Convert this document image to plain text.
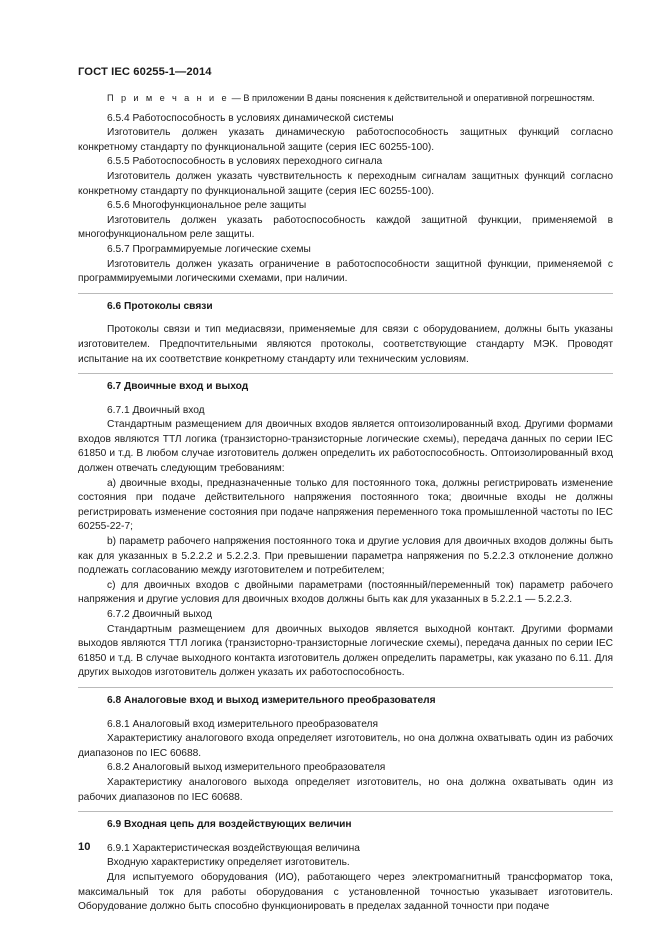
ГОСТ IEC 60255-1—2014

П р и м е ч а н и е — В приложении В даны пояснения к действительной и оперативной погрешностям.

6.5.4 Работоспособность в условиях динамической системы

Изготовитель должен указать динамическую работоспособность защитных функций согласно конкретному стандарту по функциональной защите (серия IEC 60255-100).

6.5.5 Работоспособность в условиях переходного сигнала

Изготовитель должен указать чувствительность к переходным сигналам защитных функций согласно конкретному стандарту по функциональной защите (серия IEC 60255-100).

6.5.6 Многофункциональное реле защиты

Изготовитель должен указать работоспособность каждой защитной функции, применяемой в многофункциональном реле защиты.

6.5.7 Программируемые логические схемы

Изготовитель должен указать ограничение в работоспособности защитной функции, применяемой с программируемыми логическими схемами, при наличии.

6.6 Протоколы связи

Протоколы связи и тип медиасвязи, применяемые для связи с оборудованием, должны быть указаны изготовителем. Предпочтительными являются протоколы, соответствующие стандарту МЭК. Проводят испытание на их соответствие конкретному стандарту или техническим условиям.

6.7 Двоичные вход и выход

6.7.1 Двоичный вход

Стандартным размещением для двоичных входов является оптоизолированный вход. Другими формами входов являются ТТЛ логика (транзисторно-транзисторные логические схемы), передача данных по серии IEC 61850 и т.д. В любом случае изготовитель должен определить их работоспособность. Оптоизолированный вход должен отвечать следующим требованиям:

а) двоичные входы, предназначенные только для постоянного тока, должны регистрировать изменение состояния при подаче действительного напряжения постоянного тока; двоичные входы не должны регистрировать изменение состояния при подаче напряжения переменного тока промышленной частоты по IEC 60255-22-7;

b) параметр рабочего напряжения постоянного тока и другие условия для двоичных входов должны быть как для указанных в 5.2.2.2 и 5.2.2.3. При превышении параметра напряжения по 5.2.2.3 отклонение должно подлежать согласованию между изготовителем и потребителем;

с) для двоичных входов с двойными параметрами (постоянный/переменный ток) параметр рабочего напряжения и другие условия для двоичных входов должны быть как для указанных в 5.2.2.1 — 5.2.2.3.

6.7.2 Двоичный выход

Стандартным размещением для двоичных выходов является выходной контакт. Другими формами выходов являются ТТЛ логика (транзисторно-транзисторные логические схемы), передача данных по серии IEC 61850 и т.д. В случае выходного контакта изготовитель должен определить параметры, как указано по 6.11. Для других выходов изготовитель должен указать их работоспособность.

6.8 Аналоговые вход и выход измерительного преобразователя

6.8.1 Аналоговый вход измерительного преобразователя

Характеристику аналогового входа определяет изготовитель, но она должна охватывать один из рабочих диапазонов по IEC 60688.

6.8.2 Аналоговый выход измерительного преобразователя

Характеристику аналогового выхода определяет изготовитель, но она должна охватывать один из рабочих диапазонов по IEC 60688.

6.9 Входная цепь для воздействующих величин

6.9.1 Характеристическая воздействующая величина

Входную характеристику определяет изготовитель.

Для испытуемого оборудования (ИО), работающего через электромагнитный трансформатор тока, максимальный ток для работы оборудования с установленной точностью указывает изготовитель. Оборудование должно быть способно функционировать в пределах заданной точности при подаче

10
